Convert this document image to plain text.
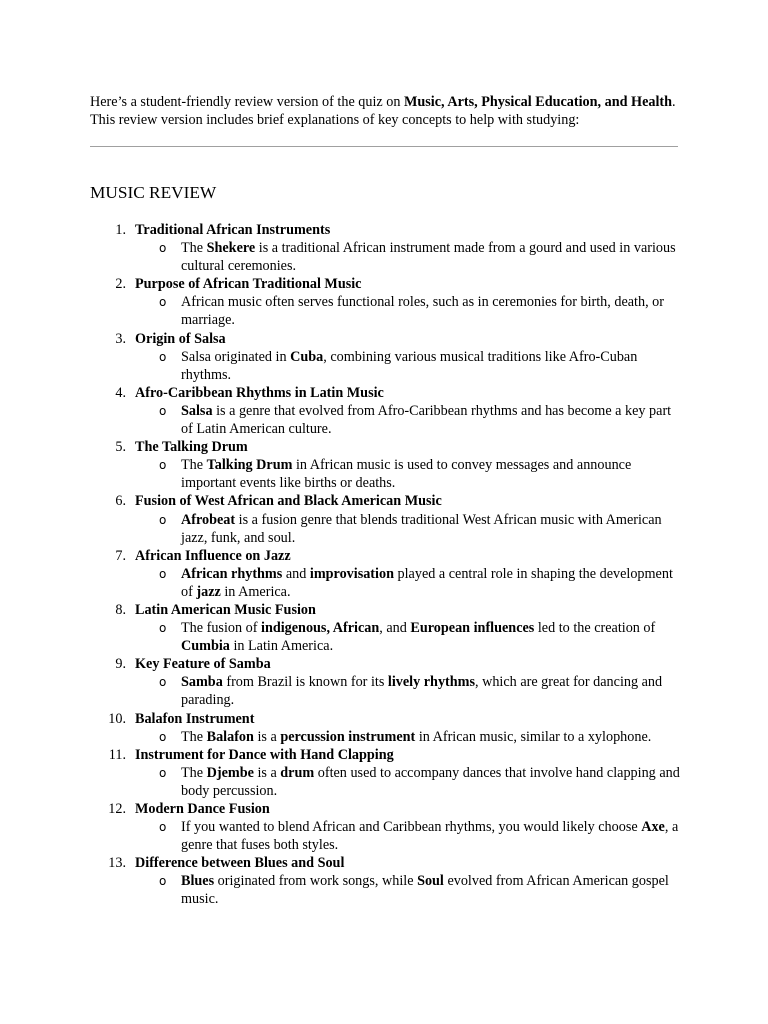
Here’s a student-friendly review version of the quiz on Music, Arts, Physical Education, and Health. This review version includes brief explanations of key concepts to help with studying:

MUSIC REVIEW
1. Traditional African Instruments
o The Shekere is a traditional African instrument made from a gourd and used in various cultural ceremonies.
2. Purpose of African Traditional Music
o African music often serves functional roles, such as in ceremonies for birth, death, or marriage.
3. Origin of Salsa
o Salsa originated in Cuba, combining various musical traditions like Afro-Cuban rhythms.
4. Afro-Caribbean Rhythms in Latin Music
o Salsa is a genre that evolved from Afro-Caribbean rhythms and has become a key part of Latin American culture.
5. The Talking Drum
o The Talking Drum in African music is used to convey messages and announce important events like births or deaths.
6. Fusion of West African and Black American Music
o Afrobeat is a fusion genre that blends traditional West African music with American jazz, funk, and soul.
7. African Influence on Jazz
o African rhythms and improvisation played a central role in shaping the development of jazz in America.
8. Latin American Music Fusion
o The fusion of indigenous, African, and European influences led to the creation of Cumbia in Latin America.
9. Key Feature of Samba
o Samba from Brazil is known for its lively rhythms, which are great for dancing and parading.
10. Balafon Instrument
o The Balafon is a percussion instrument in African music, similar to a xylophone.
11. Instrument for Dance with Hand Clapping
o The Djembe is a drum often used to accompany dances that involve hand clapping and body percussion.
12. Modern Dance Fusion
o If you wanted to blend African and Caribbean rhythms, you would likely choose Axe, a genre that fuses both styles.
13. Difference between Blues and Soul
o Blues originated from work songs, while Soul evolved from African American gospel music.
